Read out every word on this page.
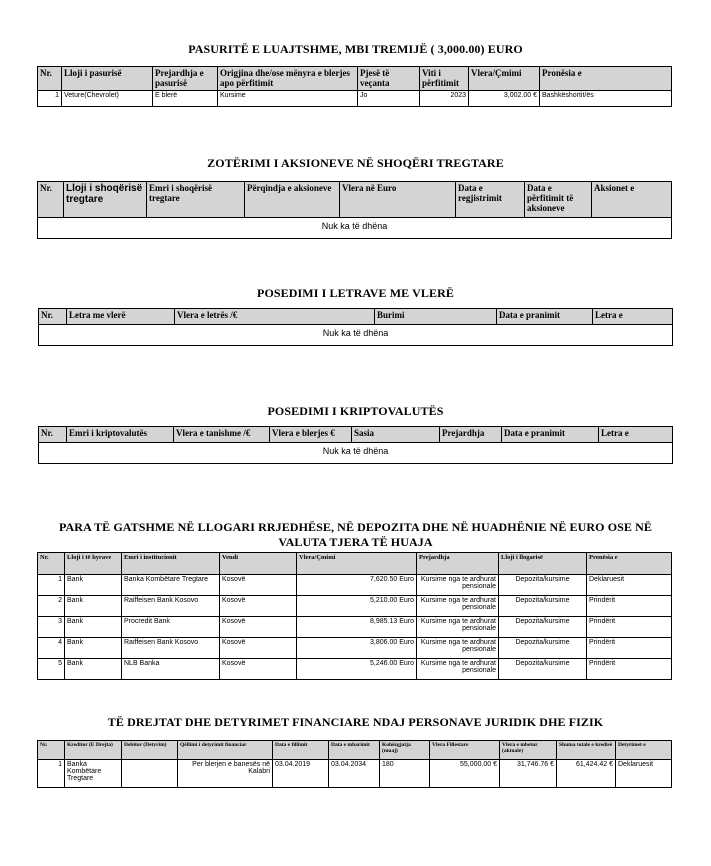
PASURITË E LUAJTSHME, MBI TREMIJË ( 3,000.00) EURO
Nr.	Lloji i pasurisë	Prejardhja e pasurisë	Origjina dhe/ose mënyra e blerjes apo përfitimit	Pjesë të veçanta	Viti i përfitimit	Vlera/Çmimi	Pronësia e
1	Veture(Chevrolet)	E blerë	Kursime	Jo	2023	3,002.00 €	Bashkëshortit/ës
ZOTËRIMI I AKSIONEVE NË SHOQËRI TREGTARE
Nr.	Lloji i shoqërisë tregtare	Emri i shoqërisë tregtare	Përqindja e aksioneve	Vlera në Euro	Data e regjistrimit	Data e përfitimit të aksioneve	Aksionet e
Nuk ka të dhëna
POSEDIMI I LETRAVE ME VLERË
Nr.	Letra me vlerë	Vlera e letrës /€	Burimi	Data e pranimit	Letra e
Nuk ka të dhëna
POSEDIMI I KRIPTOVALUTËS
Nr.	Emri i kriptovalutës	Vlera e tanishme /€	Vlera e blerjes €	Sasia	Prejardhja	Data e pranimit	Letra e
Nuk ka të dhëna
PARA TË GATSHME NË LLOGARI RRJEDHËSE, NË DEPOZITA DHE NË HUADHËNIE NË EURO OSE NË
VALUTA TJERA TË HUAJA
Nr.	Lloji i të hyrave	Emri i institucionit	Vendi	Vlera/Çmimi	Prejardhja	Lloji i llogarisë	Pronësia e
1	Bank	Banka Kombëtare Tregtare	Kosovë	7,620.50 Euro	Kursime nga te ardhurat pensionale	Depozita/kursime	Deklaruesit
2	Bank	Raiffeisen Bank Kosovo	Kosovë	5,210.00 Euro	Kursime nga te ardhurat pensionale	Depozita/kursime	Prindërit
3	Bank	Procredit Bank	Kosovë	8,985.13 Euro	Kursime nga te ardhurat pensionale	Depozita/kursime	Prindërit
4	Bank	Raiffeisen Bank Kosovo	Kosovë	3,806.00 Euro	Kursime nga te ardhurat pensionale	Depozita/kursime	Prindërit
5	Bank	NLB Banka	Kosovë	5,246.00 Euro	Kursime nga te ardhurat pensionale	Depozita/kursime	Prindërit
TË DREJTAT DHE DETYRIMET FINANCIARE NDAJ PERSONAVE JURIDIK DHE FIZIK
Nr.	Kreditor (E Drejta)	Debitor (Detyrim)	Qëllimi i detyrimit financiar	Data e fillimit	Data e mbarimit	Kohëzgjatja (muaj)	Vlera Fillestare	Vlera e mbetur (aktuale)	Shuma totale e kredisë	Detyrimet e
1	Banka Kombëtare Tregtare		Per blerjen e banesës në Kalabri	03.04.2019	03.04.2034	180	55,000.00 €	31,746.76 €	61,424.42 €	Deklaruesit
